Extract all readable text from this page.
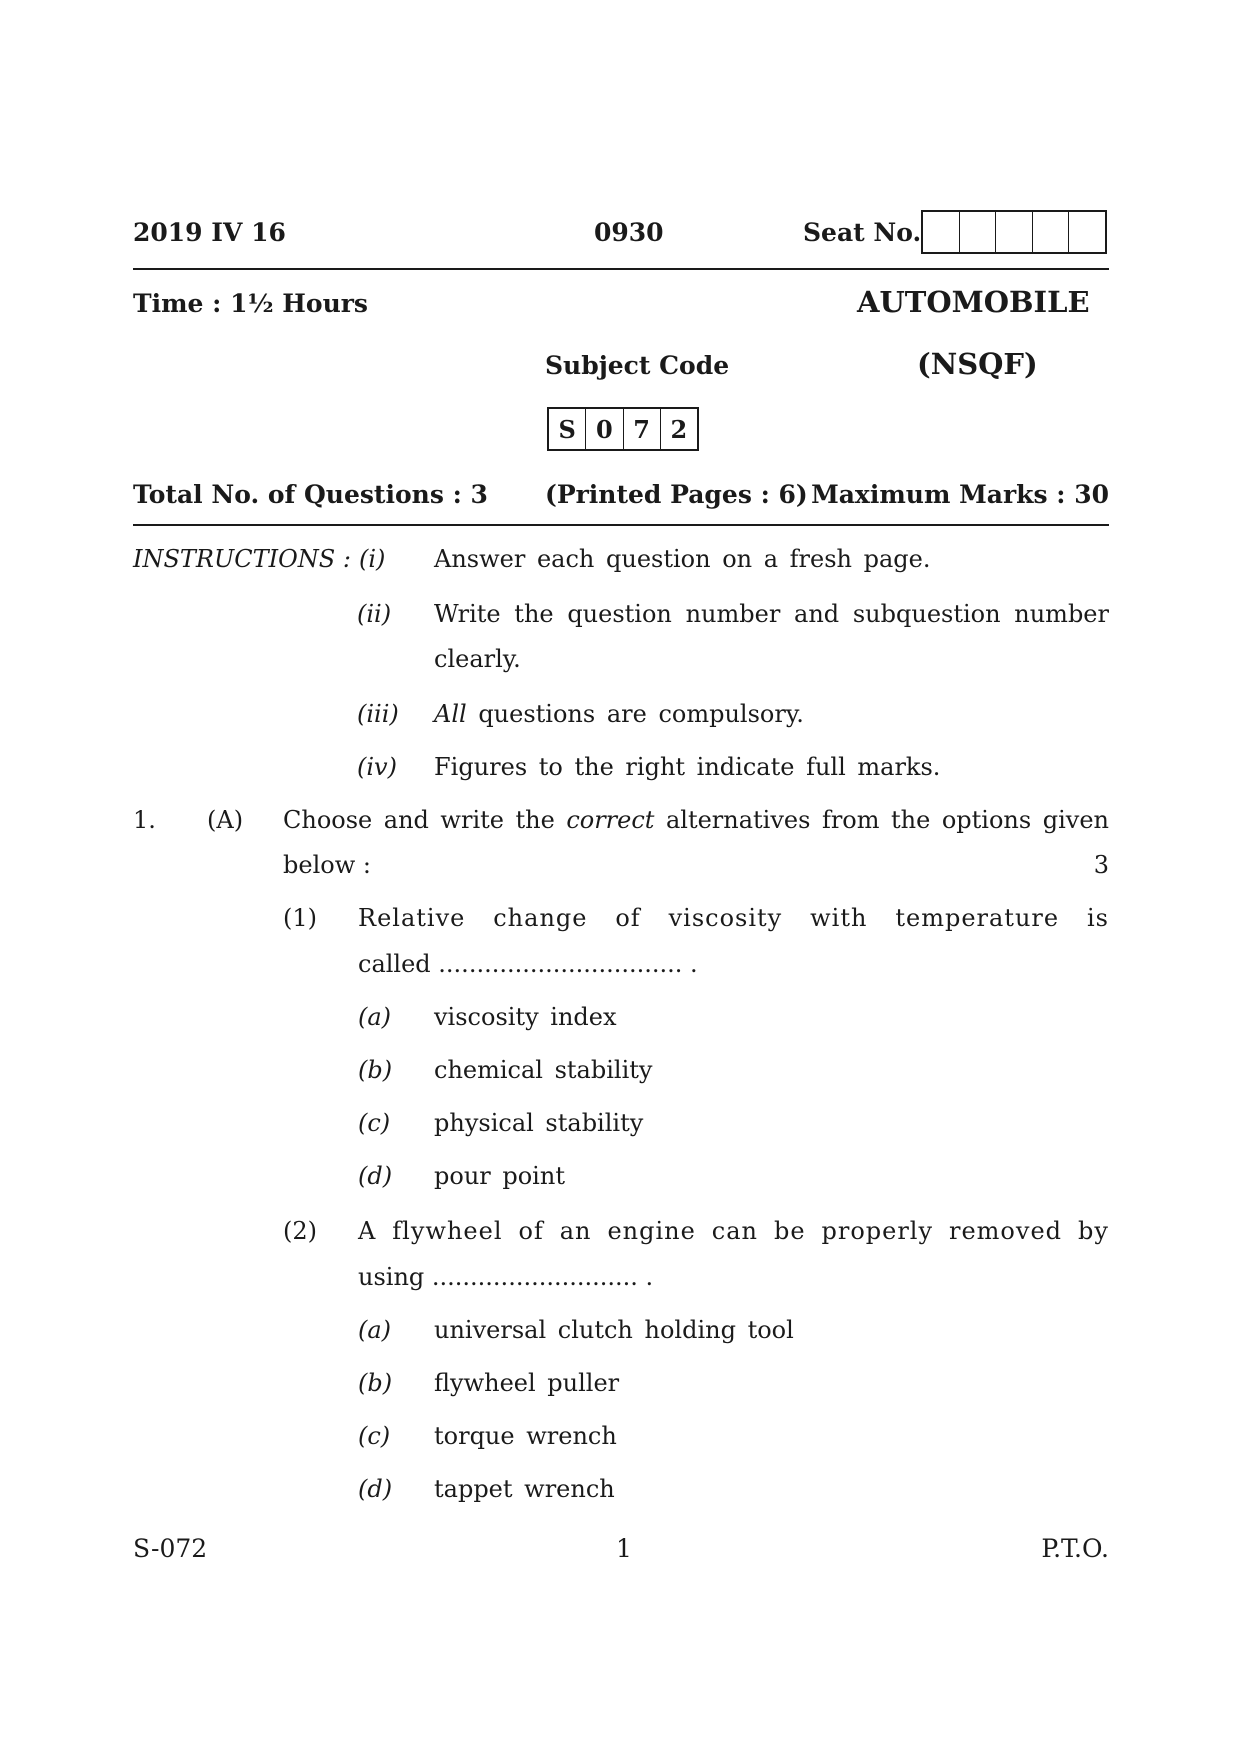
2019 IV 16	0930	Seat No.
Time : 1½ Hours	AUTOMOBILE
Subject Code	(NSQF)
S 0 7 2
Total No. of Questions : 3 (Printed Pages : 6) Maximum Marks : 30
INSTRUCTIONS : (i) Answer each question on a fresh page.
(ii) Write the question number and subquestion number
clearly.
(iii) All questions are compulsory.
(iv) Figures to the right indicate full marks.
1. (A) Choose and write the correct alternatives from the options given
below :	3
(1) Relative change of viscosity with temperature is
called ................................ .
(a) viscosity index
(b) chemical stability
(c) physical stability
(d) pour point
(2) A flywheel of an engine can be properly removed by
using ........................... .
(a) universal clutch holding tool
(b) flywheel puller
(c) torque wrench
(d) tappet wrench
S-072	1	P.T.O.
